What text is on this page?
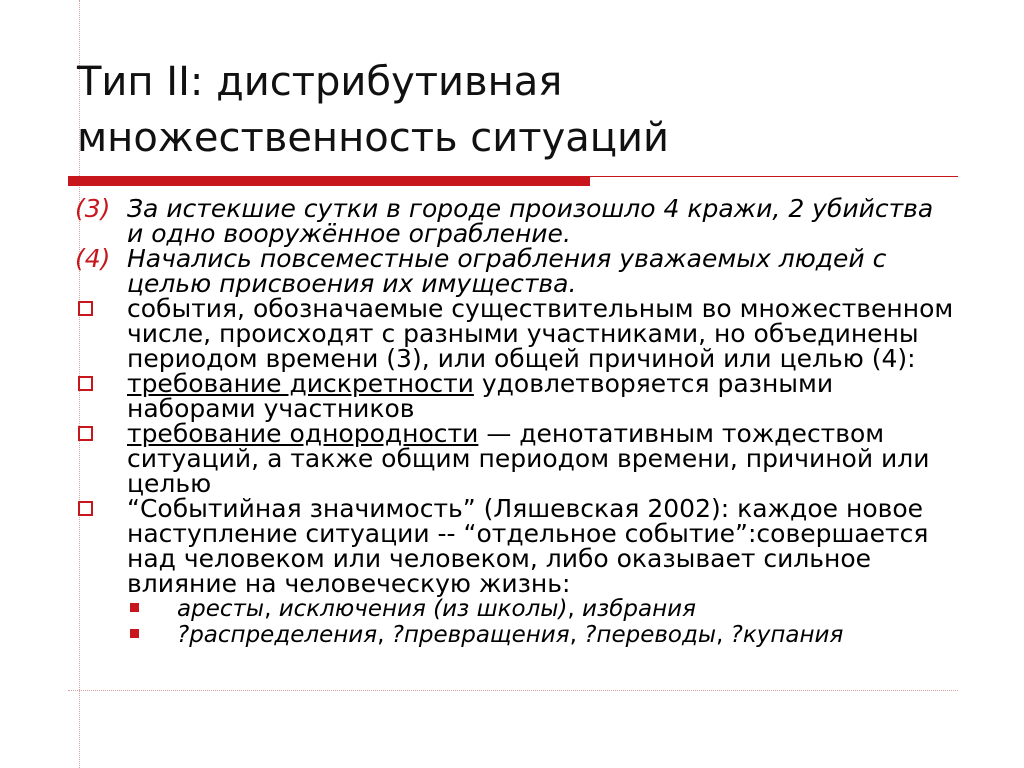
Тип II: дистрибутивная
множественность ситуаций
(3) За истекшие сутки в городе произошло 4 кражи, 2 убийства и одно вооружённое ограбление.
(4) Начались повсеместные ограбления уважаемых людей с целью присвоения их имущества.
события, обозначаемые существительным во множественном числе, происходят с разными участниками, но объединены периодом времени (3), или общей причиной или целью (4):
требование дискретности удовлетворяется разными наборами участников
требование однородности — денотативным тождеством ситуаций, а также общим периодом времени, причиной или целью
“Событийная значимость” (Ляшевская 2002): каждое новое наступление ситуации -- “отдельное событие”:совершается над человеком или человеком, либо оказывает сильное влияние на человеческую жизнь:
аресты, исключения (из школы), избрания
?распределения, ?превращения, ?переводы, ?купания
